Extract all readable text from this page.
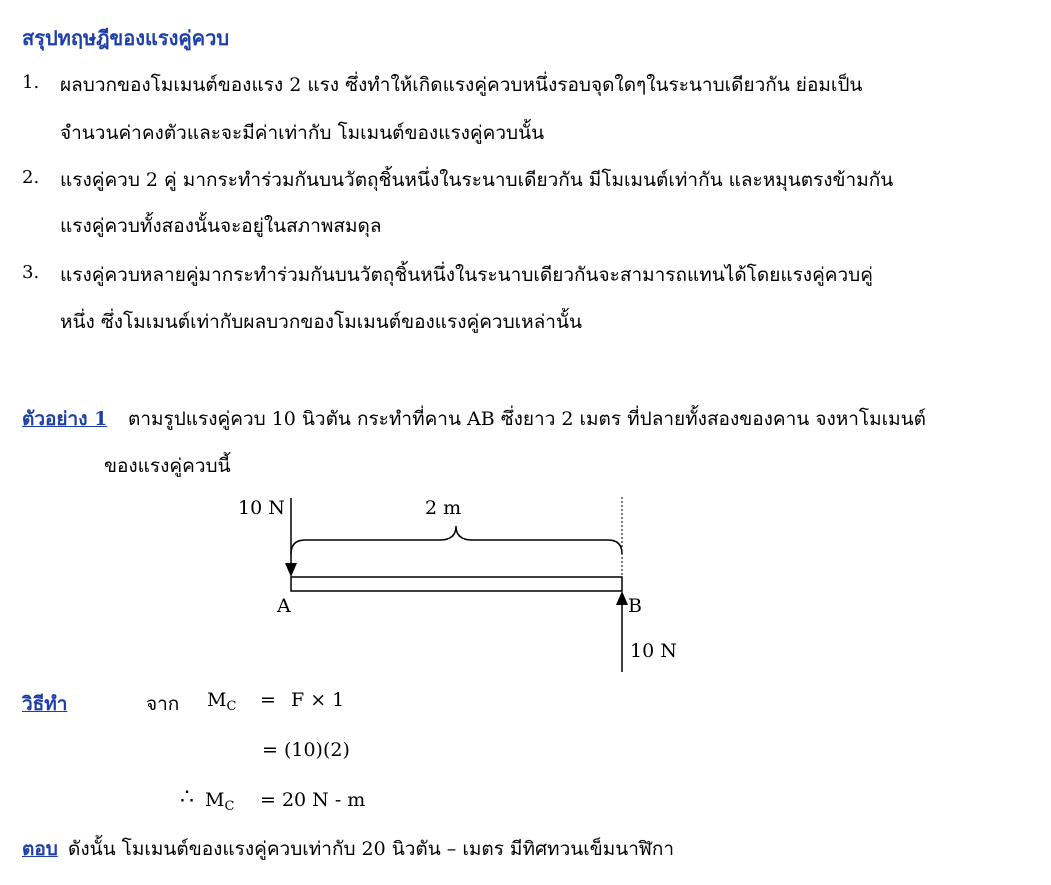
สรุปทฤษฎีของแรงคู่ควบ
1. ผลบวกของโมเมนต์ของแรง 2 แรง ซึ่งทำให้เกิดแรงคู่ควบหนึ่งรอบจุดใดๆในระนาบเดียวกัน ย่อมเป็น
จำนวนค่าคงตัวและจะมีค่าเท่ากับ โมเมนต์ของแรงคู่ควบนั้น
2. แรงคู่ควบ 2 คู่ มากระทำร่วมกันบนวัตถุชิ้นหนึ่งในระนาบเดียวกัน มีโมเมนต์เท่ากัน และหมุนตรงข้ามกัน
แรงคู่ควบทั้งสองนั้นจะอยู่ในสภาพสมดุล
3. แรงคู่ควบหลายคู่มากระทำร่วมกันบนวัตถุชิ้นหนึ่งในระนาบเดียวกันจะสามารถแทนได้โดยแรงคู่ควบคู่
หนึ่ง ซึ่งโมเมนต์เท่ากับผลบวกของโมเมนต์ของแรงคู่ควบเหล่านั้น
ตัวอย่าง 1 ตามรูปแรงคู่ควบ 10 นิวตัน กระทำที่คาน AB ซึ่งยาว 2 เมตร ที่ปลายทั้งสองของคาน จงหาโมเมนต์
ของแรงคู่ควบนี้
10 N	2 m
A	B
10 N
วิธีทำ	จาก $M_C = F \times 1$
= (10)(2)
∴ $M_C = 20$ N - m
ตอบ ดังนั้น โมเมนต์ของแรงคู่ควบเท่ากับ 20 นิวตัน – เมตร มีทิศทวนเข็มนาฬิกา
